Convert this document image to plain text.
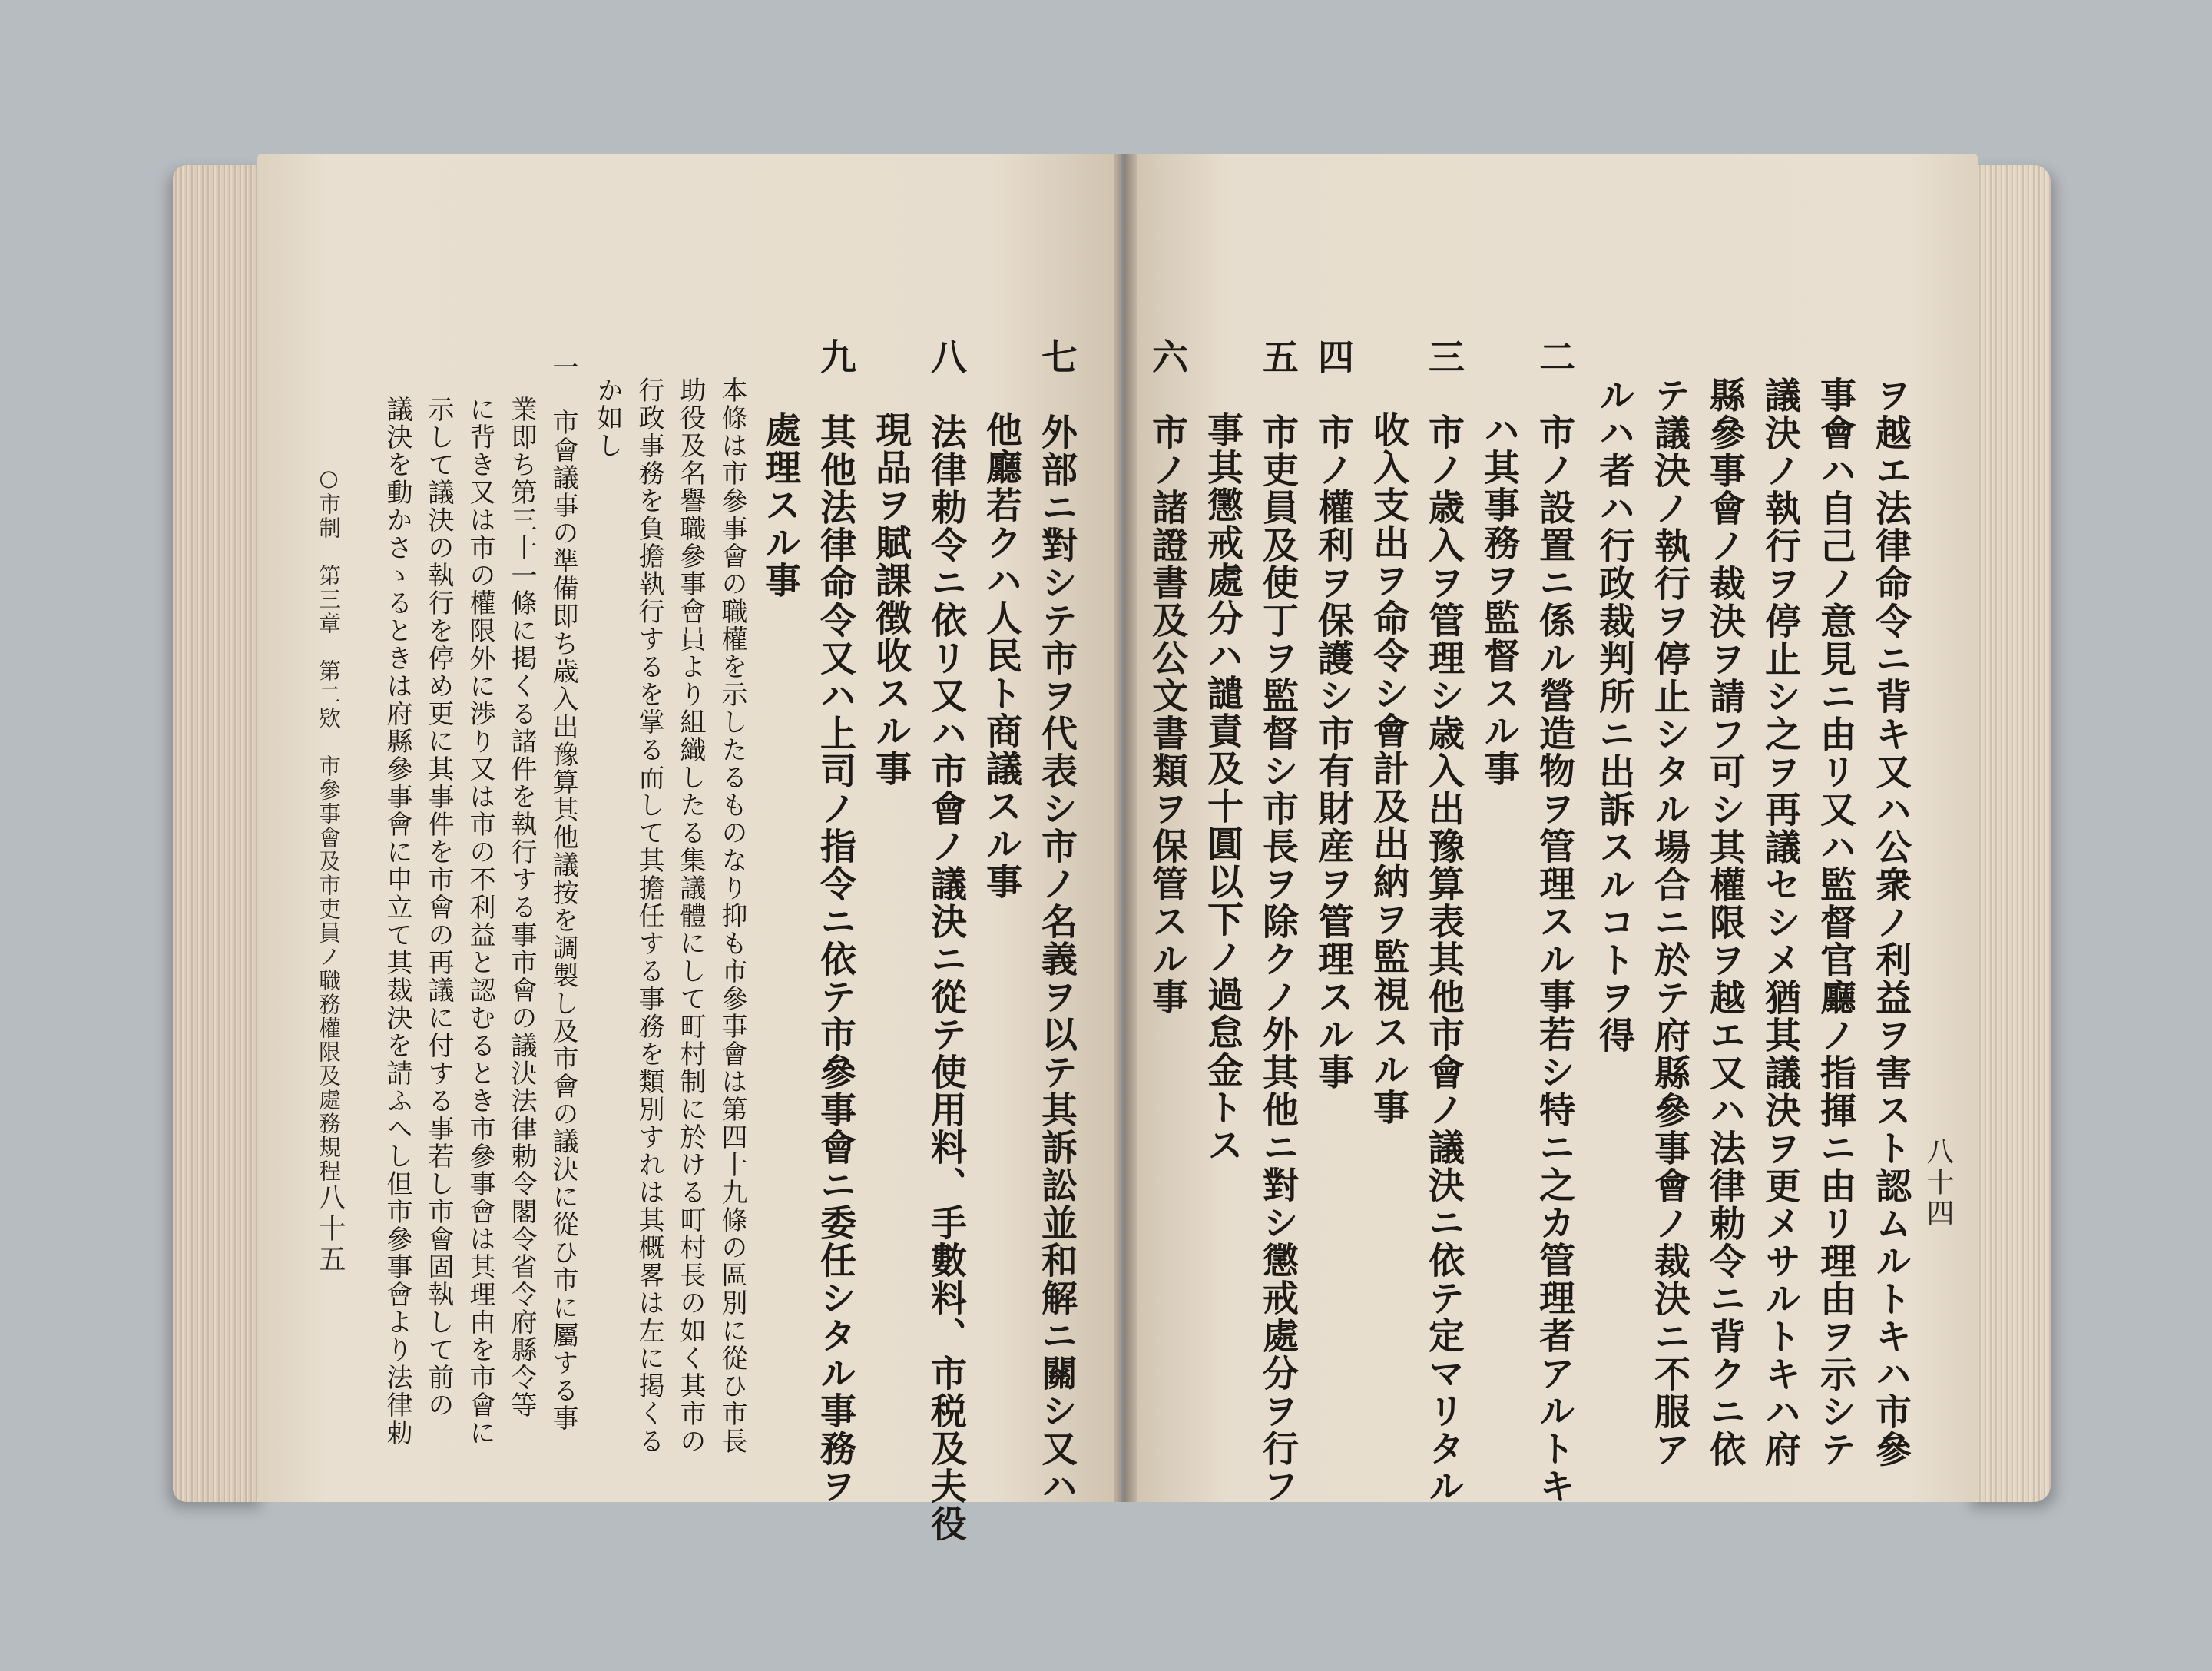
八十四
ヲ越エ法律命令ニ背キ又ハ公衆ノ利益ヲ害スト認ムルトキハ市參
事會ハ自己ノ意見ニ由リ又ハ監督官廳ノ指揮ニ由リ理由ヲ示シテ
議決ノ執行ヲ停止シ之ヲ再議セシメ猶其議決ヲ更メサルトキハ府
縣參事會ノ裁決ヲ請フ可シ其權限ヲ越エ又ハ法律勅令ニ背クニ依
テ議決ノ執行ヲ停止シタル場合ニ於テ府縣參事會ノ裁決ニ不服ア
ルハ者ハ行政裁判所ニ出訴スルコトヲ得
二　市ノ設置ニ係ル營造物ヲ管理スル事若シ特ニ之カ管理者アルトキ
ハ其事務ヲ監督スル事
三　市ノ歳入ヲ管理シ歳入出豫算表其他市會ノ議決ニ依テ定マリタル
收入支出ヲ命令シ會計及出納ヲ監視スル事
四　市ノ權利ヲ保護シ市有財産ヲ管理スル事
五　市吏員及使丁ヲ監督シ市長ヲ除クノ外其他ニ對シ懲戒處分ヲ行フ
事其懲戒處分ハ譴責及十圓以下ノ過怠金トス
六　市ノ諸證書及公文書類ヲ保管スル事
七　外部ニ對シテ市ヲ代表シ市ノ名義ヲ以テ其訴訟並和解ニ關シ又ハ
他廳若クハ人民ト商議スル事
八　法律勅令ニ依リ又ハ市會ノ議決ニ從テ使用料、手數料、市税及夫役
現品ヲ賦課徴收スル事
九　其他法律命令又ハ上司ノ指令ニ依テ市參事會ニ委任シタル事務ヲ
處理スル事
本條は市參事會の職權を示したるものなり抑も市參事會は第四十九條の區別に從ひ市長
助役及名譽職參事會員より組織したる集議體にして町村制に於ける町村長の如く其市の
行政事務を負擔執行するを掌る而して其擔任する事務を類別すれは其概畧は左に掲くる
か如し
一　市會議事の準備即ち歳入出豫算其他議按を調製し及市會の議決に從ひ市に屬する事
業即ち第三十一條に掲くる諸件を執行する事市會の議決法律勅令閣令省令府縣令等
に背き又は市の權限外に渉り又は市の不利益と認むるとき市參事會は其理由を市會に
示して議決の執行を停め更に其事件を市會の再議に付する事若し市會固執して前の
議決を動かさゝるときは府縣參事會に申立て其裁決を請ふへし但市參事會より法律勅
○市制　第三章　第二欵　市參事會及市吏員ノ職務權限及處務規程
八十五
